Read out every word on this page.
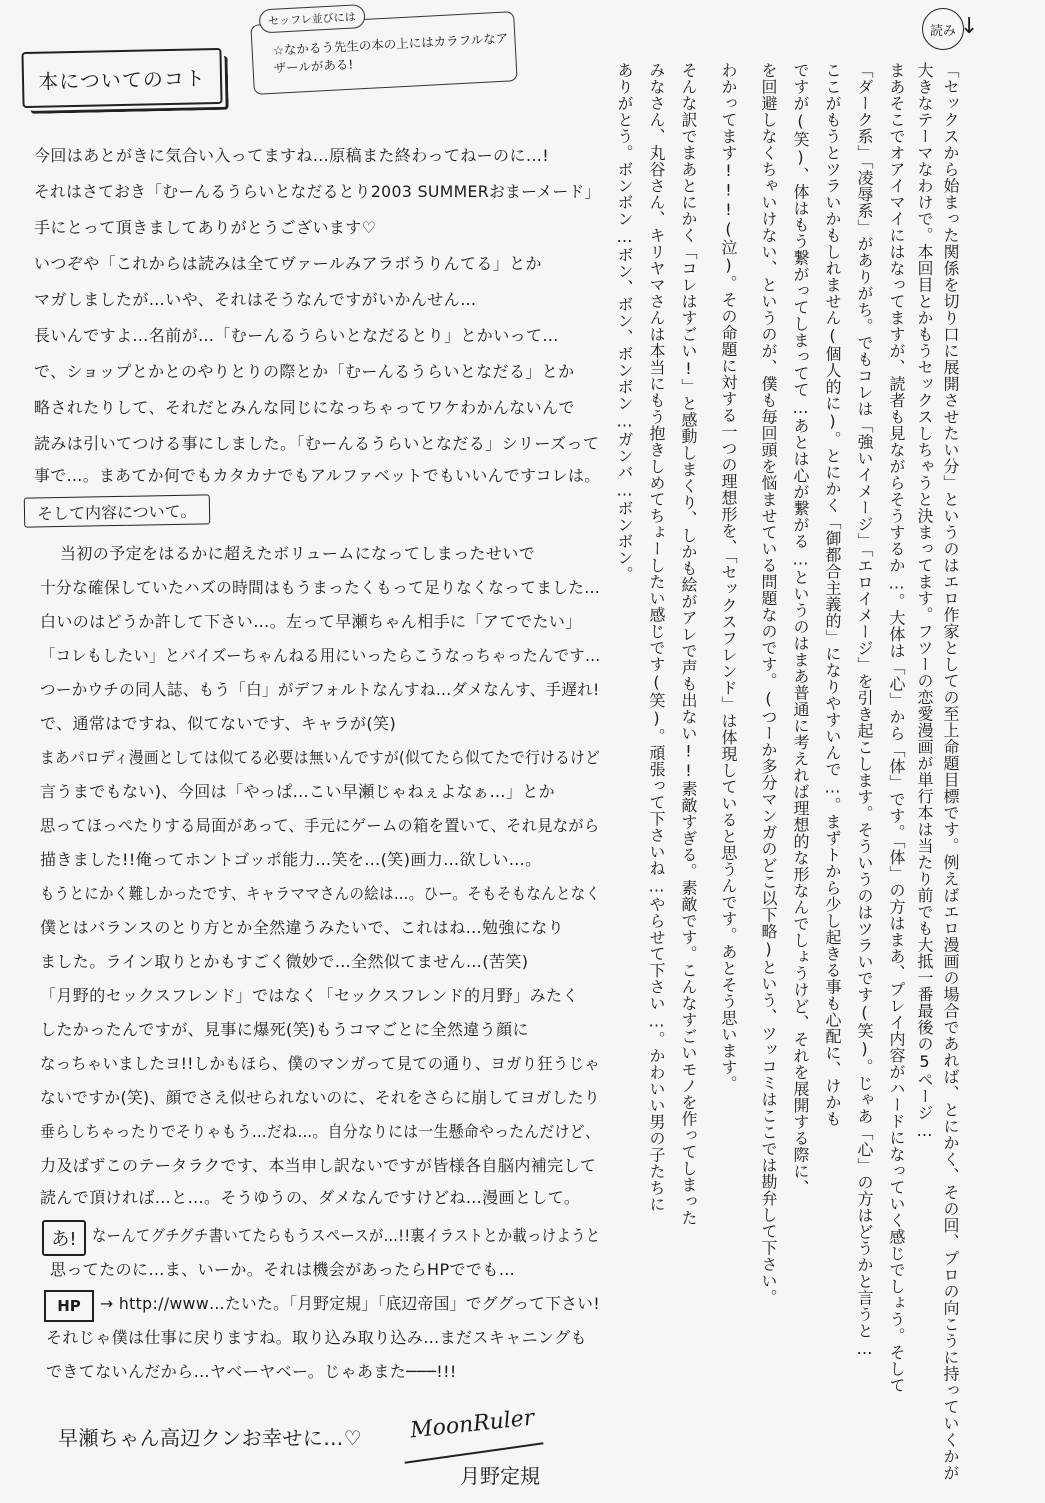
読み ↓
「セックスから始まった関係を切り口に展開させたい分」というのはエロ作家としての至上命題目標です。例えばエロ漫画の場合であれば、とにかく、その回、プロの向こうに持っていくかが
大きなテーマなわけで。本回目とかもうセックスしちゃうと決まってます。フツーの恋愛漫画が単行本は当たり前でも大抵一番最後の5ページ…
まあそこでオアイマイにはなってますが、読者も見ながらそうするか…。大体は「心」から「体」です。「体」の方はまあ、プレイ内容がハードになっていく感じでしょう。そして
「ダーク系」「凌辱系」がありがち。でもコレは「強いイメージ」「エロイメージ」を引き起こします。そういうのはツラいです(笑)。じゃあ「心」の方はどうかと言うと…
ここがもうとツラいかもしれません(個人的に)。とにかく「御都合主義的」になりやすいんで…。まずトから少し起きる事も心配に、けかも
ですが(笑)、体はもう繋がってしまってて…あとは心が繋がる…というのはまあ普通に考えれば理想的な形なんでしょうけど、それを展開する際に、
を回避しなくちゃいけない、というのが、僕も毎回頭を悩ませている問題なのです。(つーか多分マンガのどこ以下略)という、ツッコミはここでは勘弁して下さい。
わかってます!!!(泣)。その命題に対する一つの理想形を、「セックスフレンド」は体現していると思うんです。あとそう思います。
そんな訳でまあとにかく「コレはすごい!」と感動しまくり、しかも絵がアレで声も出ない!!素敵すぎる。素敵です。こんなすごいモノを作ってしまった
みなさん、丸谷さん、キリヤマさんは本当にもう抱きしめてちょーしたい感じです(笑)。頑張って下さいね…やらせて下さい…。かわいい男の子たちに
ありがとう。ボンボン…ボン、ボン、ボンボン…ガンバ…ボンボン。
本についてのコト
セッフレ並びには
☆なかるう先生の本の上にはカラフルなアザールがある!
今回はあとがきに気合い入ってますね…原稿また終わってねーのに…!
それはさておき「むーんるうらいとなだるとり2003 SUMMERおまーメード」
手にとって頂きましてありがとうございます♡
いつぞや「これからは読みは全てヴァールみアラボうりんてる」とか
マガしましたが…いや、それはそうなんですがいかんせん…
長いんですよ…名前が…「むーんるうらいとなだるとり」とかいって…
で、ショップとかとのやりとりの際とか「むーんるうらいとなだる」とか
略されたりして、それだとみんな同じになっちゃってワケわかんないんで
読みは引いてつける事にしました。「むーんるうらいとなだる」シリーズって
事で…。まあてか何でもカタカナでもアルファベットでもいいんですコレは。
そして内容について。
当初の予定をはるかに超えたボリュームになってしまったせいで
十分な確保していたハズの時間はもうまったくもって足りなくなってました…
白いのはどうか許して下さい…。左って早瀬ちゃん相手に「アてでたい」
「コレもしたい」とバイズーちゃんねる用にいったらこうなっちゃったんです…
つーかウチの同人誌、もう「白」がデフォルトなんすね…ダメなんす、手遅れ!
で、通常はですね、似てないです、キャラが(笑)
まあパロディ漫画としては似てる必要は無いんですが(似てたら似てたで行けるけど
言うまでもない)、今回は「やっぱ…こい早瀬じゃねぇよなぁ…」とか
思ってほっぺたりする局面があって、手元にゲームの箱を置いて、それ見ながら
描きました!!俺ってホントゴッポ能力…笑を…(笑)画力…欲しい…。
もうとにかく難しかったです、キャラママさんの絵は…。ひー。そもそもなんとなく
僕とはバランスのとり方とか全然違うみたいで、これはね…勉強になり
ました。ライン取りとかもすごく微妙で…全然似てません…(苦笑)
「月野的セックスフレンド」ではなく「セックスフレンド的月野」みたく
したかったんですが、見事に爆死(笑)もうコマごとに全然違う顔に
なっちゃいましたヨ!!しかもほら、僕のマンガって見ての通り、ヨガり狂うじゃ
ないですか(笑)、顔でさえ似せられないのに、それをさらに崩してヨガしたり
垂らしちゃったりでそりゃもう…だね…。自分なりには一生懸命やったんだけど、
力及ばずこのテータラクです、本当申し訳ないですが皆様各自脳内補完して
読んで頂ければ…と…。そうゆうの、ダメなんですけどね…漫画として。
あ! なーんてグチグチ書いてたらもうスペースが…!!裏イラストとか載っけようと
思ってたのに…ま、いーか。それは機会があったらHPででも…
HP → http://www…たいた。「月野定規」「底辺帝国」でググって下さい!
それじゃ僕は仕事に戻りますね。取り込み取り込み…まだスキャニングも
できてないんだから…ヤベーヤベー。じゃあまた───!!!
早瀬ちゃん高辺クンお幸せに…♡ MoonRuler
月野定規
